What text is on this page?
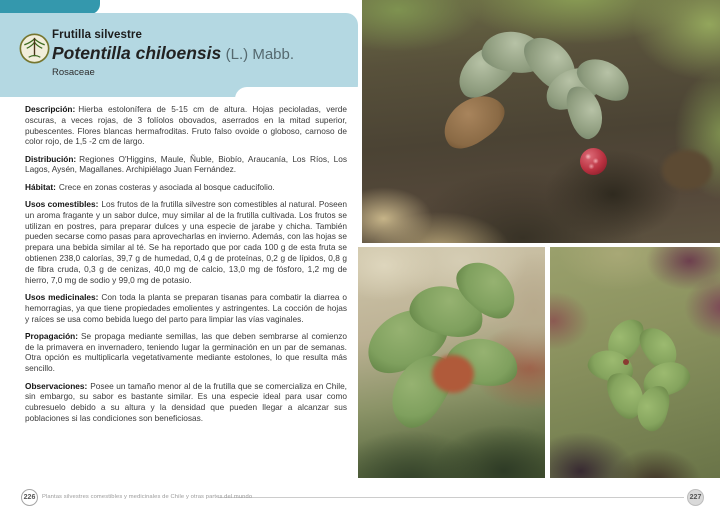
Frutilla silvestre
Potentilla chiloensis (L.) Mabb.
Rosaceae
Descripción: Hierba estolonífera de 5-15 cm de altura. Hojas pecioladas, verde oscuras, a veces rojas, de 3 folíolos obovados, aserrados en la mitad superior, pubescentes. Flores blancas hermafroditas. Fruto falso ovoide o globoso, carnoso de color rojo, de 1,5 -2 cm de largo.
Distribución: Regiones O'Higgins, Maule, Ñuble, Biobío, Araucanía, Los Ríos, Los Lagos, Aysén, Magallanes. Archipiélago Juan Fernández.
Hábitat: Crece en zonas costeras y asociada al bosque caducifolio.
Usos comestibles: Los frutos de la frutilla silvestre son comestibles al natural. Poseen un aroma fragante y un sabor dulce, muy similar al de la frutilla cultivada. Los frutos se utilizan en postres, para preparar dulces y una especie de jarabe y chicha. También pueden secarse como pasas para aprovecharlas en invierno. Además, con las hojas se prepara una bebida similar al té. Se ha reportado que por cada 100 g de esta fruta se obtienen 238,0 calorías, 39,7 g de humedad, 0,4 g de proteínas, 0,2 g de lípidos, 0,8 g de fibra cruda, 0,3 g de cenizas, 40,0 mg de calcio, 13,0 mg de fósforo, 1,2 mg de hierro, 7,0 mg de sodio y 99,0 mg de potasio.
Usos medicinales: Con toda la planta se preparan tisanas para combatir la diarrea o hemorragias, ya que tiene propiedades emolientes y astringentes. La cocción de hojas y raíces se usa como bebida luego del parto para limpiar las vías vaginales.
Propagación: Se propaga mediante semillas, las que deben sembrarse al comienzo de la primavera en invernadero, teniendo lugar la germinación en un par de semanas. Otra opción es multiplicarla vegetativamente mediante estolones, lo que resulta más sencillo.
Observaciones: Posee un tamaño menor al de la frutilla que se comercializa en Chile, sin embargo, su sabor es bastante similar. Es una especie ideal para usar como cubresuelo debido a su altura y la densidad que pueden llegar a alcanzar sus poblaciones si las condiciones son beneficiosas.
226	Plantas silvestres comestibles y medicinales de Chile y otras partes del mundo	227
